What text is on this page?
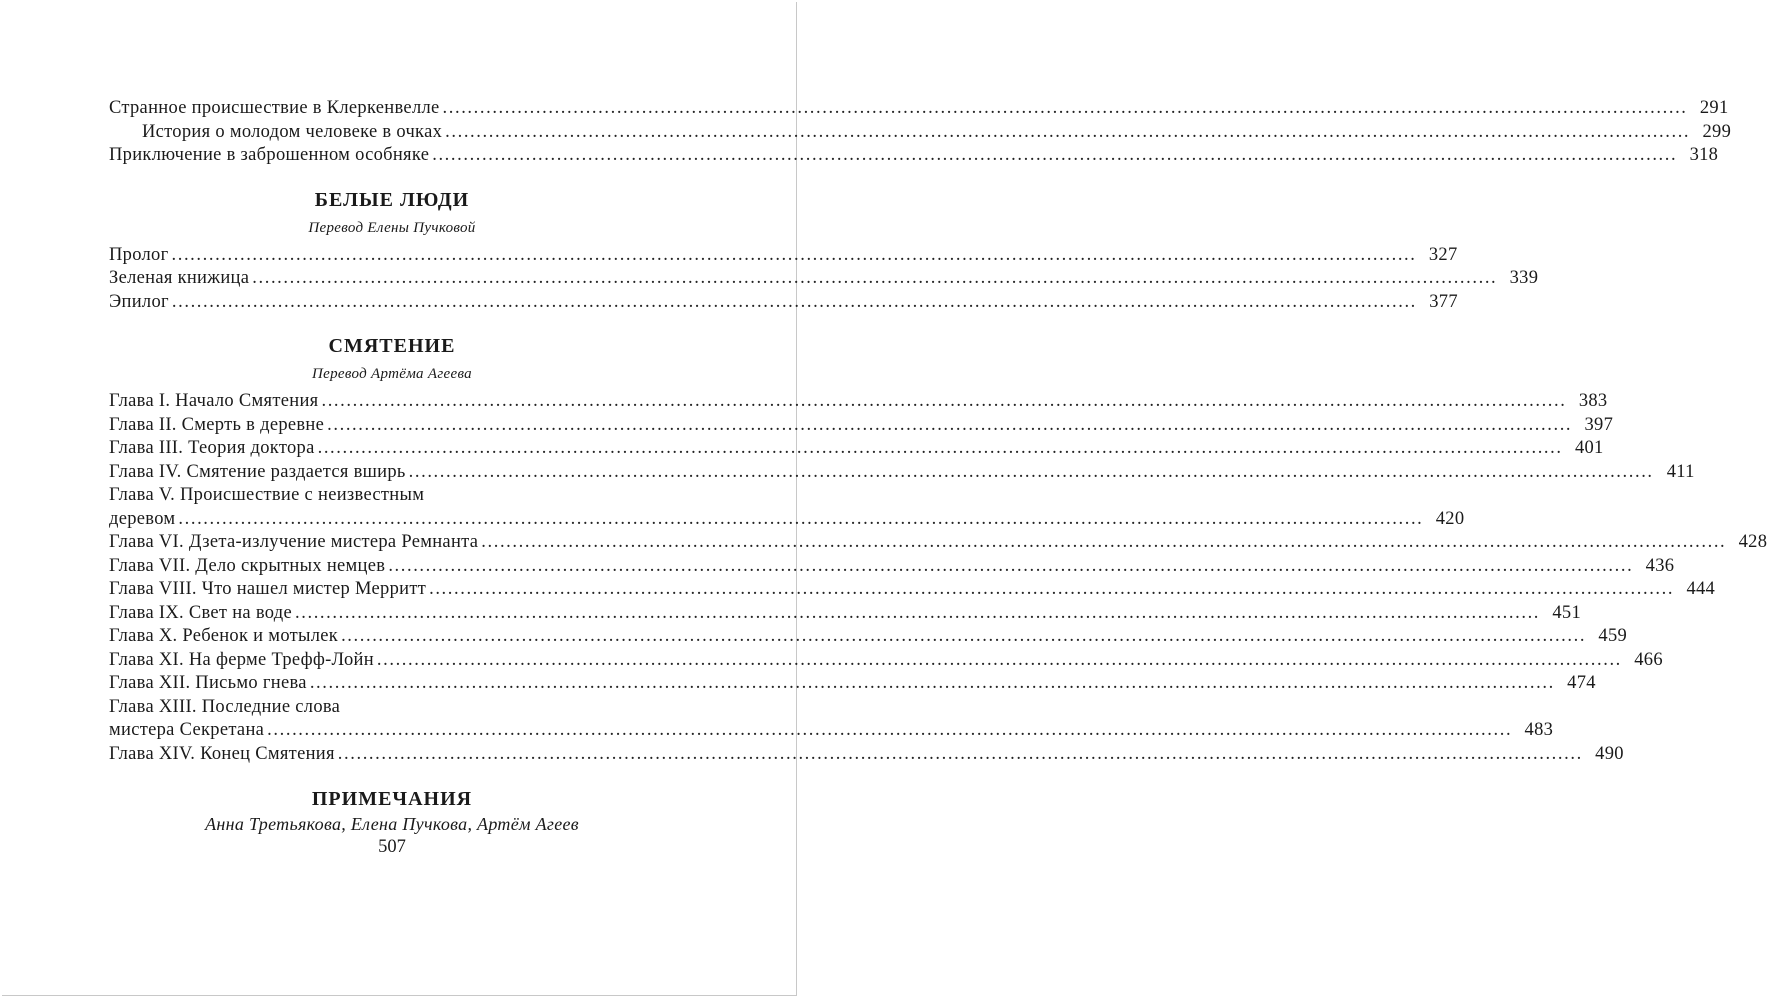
Странное происшествие в Клеркенвелле ........................................................................................................................................................................................................ 291
История о молодом человеке в очках ........................................................................................................................................................................................................ 299
Приключение в заброшенном особняке ........................................................................................................................................................................................................ 318
БЕЛЫЕ ЛЮДИ
Перевод Елены Пучковой
Пролог ........................................................................................................................................................................................................ 327
Зеленая книжица ........................................................................................................................................................................................................ 339
Эпилог ........................................................................................................................................................................................................ 377
СМЯТЕНИЕ
Перевод Артёма Агеева
Глава I. Начало Смятения ........................................................................................................................................................................................................ 383
Глава II. Смерть в деревне ........................................................................................................................................................................................................ 397
Глава III. Теория доктора ........................................................................................................................................................................................................ 401
Глава IV. Смятение раздается вширь ........................................................................................................................................................................................................ 411
Глава V. Происшествие с неизвестным
деревом ........................................................................................................................................................................................................ 420
Глава VI. Дзета-излучение мистера Ремнанта ........................................................................................................................................................................................................ 428
Глава VII. Дело скрытных немцев ........................................................................................................................................................................................................ 436
Глава VIII. Что нашел мистер Мерритт ........................................................................................................................................................................................................ 444
Глава IX. Свет на воде ........................................................................................................................................................................................................ 451
Глава X. Ребенок и мотылек ........................................................................................................................................................................................................ 459
Глава XI. На ферме Трефф-Лойн ........................................................................................................................................................................................................ 466
Глава XII. Письмо гнева ........................................................................................................................................................................................................ 474
Глава XIII. Последние слова
мистера Секретана ........................................................................................................................................................................................................ 483
Глава XIV. Конец Смятения ........................................................................................................................................................................................................ 490
ПРИМЕЧАНИЯ
Анна Третьякова, Елена Пучкова, Артём Агеев
507
